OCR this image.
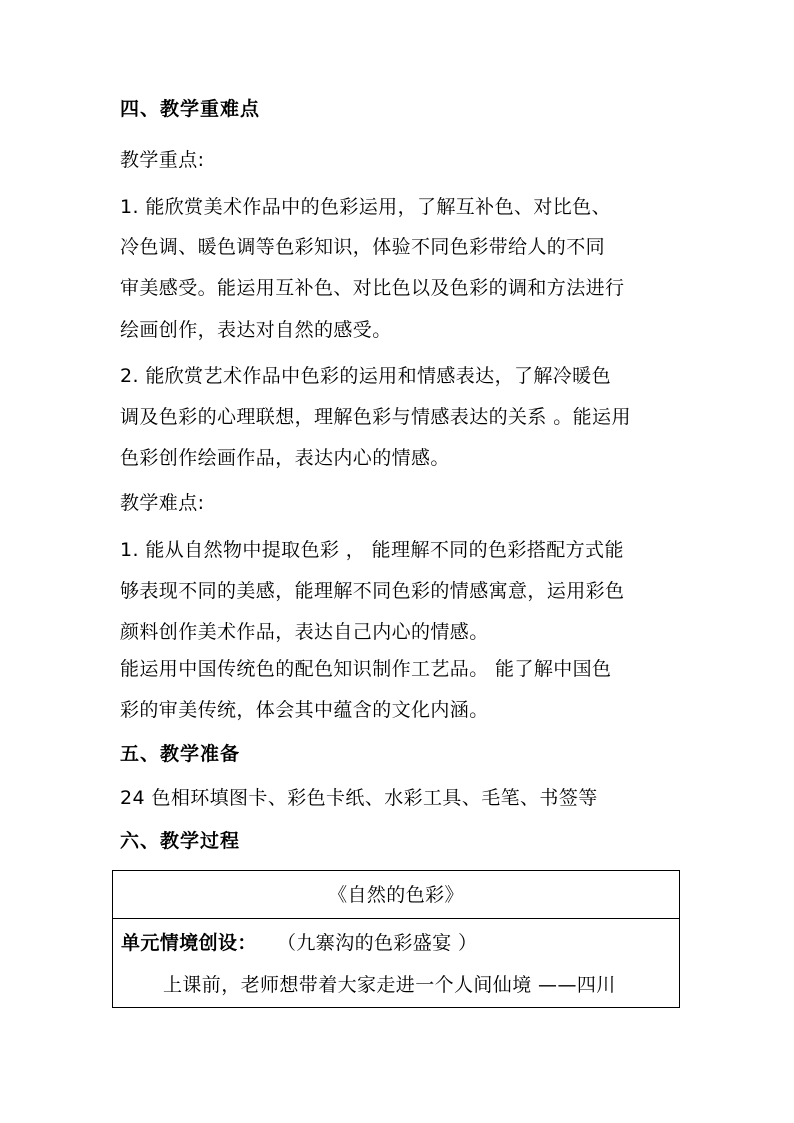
四、教学重难点
教学重点:
1. 能欣赏美术作品中的色彩运用，了解互补色、对比色、
冷色调、暖色调等色彩知识，体验不同色彩带给人的不同
审美感受。能运用互补色、对比色以及色彩的调和方法进行
绘画创作，表达对自然的感受。
2. 能欣赏艺术作品中色彩的运用和情感表达，了解冷暖色
调及色彩的心理联想，理解色彩与情感表达的关系 。能运用
色彩创作绘画作品，表达内心的情感。
教学难点:
1. 能从自然物中提取色彩 ， 能理解不同的色彩搭配方式能
够表现不同的美感，能理解不同色彩的情感寓意，运用彩色
颜料创作美术作品，表达自己内心的情感。
能运用中国传统色的配色知识制作工艺品。 能了解中国色
彩的审美传统，体会其中蕴含的文化内涵。
五、教学准备
24 色相环填图卡、彩色卡纸、水彩工具、毛笔、书签等
六、教学过程
《自然的色彩》
单元情境创设： （九寨沟的色彩盛宴 ）
上课前，老师想带着大家走进一个人间仙境 ——四川
